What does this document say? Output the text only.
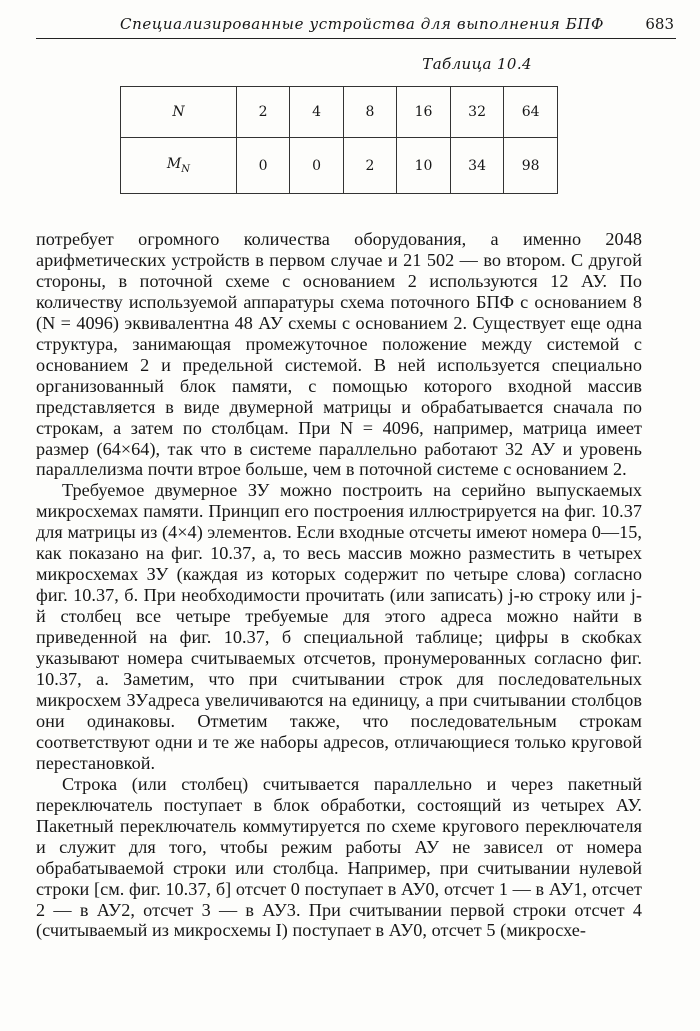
Специализированные устройства для выполнения БПФ	683
Таблица 10.4
N	2	4	8	16	32	64
$M_N$	0	0	2	10	34	98

потребует огромного количества оборудования, а именно 2048 арифметических устройств в первом случае и 21 502 — во втором. С другой стороны, в поточной схеме с основанием 2 используются 12 АУ. По количеству используемой аппаратуры схема поточного БПФ с основанием 8 (N = 4096) эквивалентна 48 АУ схемы с основанием 2. Существует еще одна структура, занимающая промежуточное положение между системой с основанием 2 и предельной системой. В ней используется специально организованный блок памяти, с помощью которого входной массив представляется в виде двумерной матрицы и обрабатывается сначала по строкам, а затем по столбцам. При N = 4096, например, матрица имеет размер (64×64), так что в системе параллельно работают 32 АУ и уровень параллелизма почти втрое больше, чем в поточной системе с основанием 2.

Требуемое двумерное ЗУ можно построить на серийно выпускаемых микросхемах памяти. Принцип его построения иллюстрируется на фиг. 10.37 для матрицы из (4×4) элементов. Если входные отсчеты имеют номера 0—15, как показано на фиг. 10.37, а, то весь массив можно разместить в четырех микросхемах ЗУ (каждая из которых содержит по четыре слова) согласно фиг. 10.37, б. При необходимости прочитать (или записать) j-ю строку или j-й столбец все четыре требуемые для этого адреса можно найти в приведенной на фиг. 10.37, б специальной таблице; цифры в скобках указывают номера считываемых отсчетов, пронумерованных согласно фиг. 10.37, а. Заметим, что при считывании строк для последовательных микросхем ЗУадреса увеличиваются на единицу, а при считывании столбцов они одинаковы. Отметим также, что последовательным строкам соответствуют одни и те же наборы адресов, отличающиеся только круговой перестановкой.

Строка (или столбец) считывается параллельно и через пакетный переключатель поступает в блок обработки, состоящий из четырех АУ. Пакетный переключатель коммутируется по схеме кругового переключателя и служит для того, чтобы режим работы АУ не зависел от номера обрабатываемой строки или столбца. Например, при считывании нулевой строки [см. фиг. 10.37, б] отсчет 0 поступает в АУ0, отсчет 1 — в АУ1, отсчет 2 — в АУ2, отсчет 3 — в АУ3. При считывании первой строки отсчет 4 (считываемый из микросхемы I) поступает в АУ0, отсчет 5 (микросхе-
